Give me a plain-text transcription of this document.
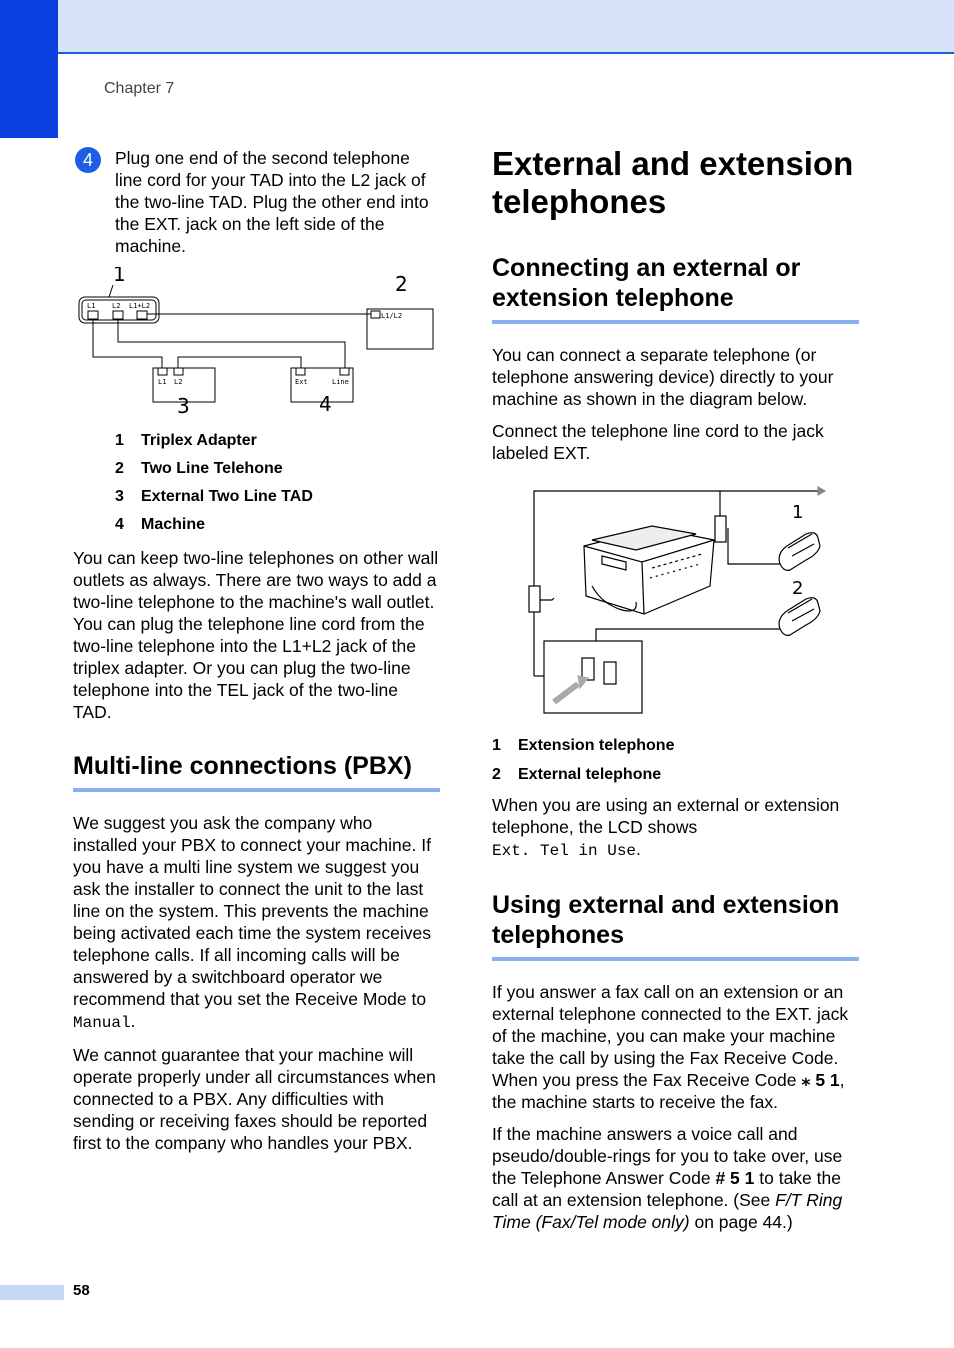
Chapter 7
4	Plug one end of the second telephone line cord for your TAD into the L2 jack of the two-line TAD. Plug the other end into the EXT. jack on the left side of the machine.

1	2
3	4
L1 L2 L1+L2
L1/L2
L1 L2	Ext	Line
1 Triplex Adapter
2 Two Line Telehone
3 External Two Line TAD
4 Machine

You can keep two-line telephones on other wall outlets as always. There are two ways to add a two-line telephone to the machine's wall outlet. You can plug the telephone line cord from the two-line telephone into the L1+L2 jack of the triplex adapter. Or you can plug the two-line telephone into the TEL jack of the two-line TAD.

Multi-line connections (PBX)

We suggest you ask the company who installed your PBX to connect your machine. If you have a multi line system we suggest you ask the installer to connect the unit to the last line on the system. This prevents the machine being activated each time the system receives telephone calls. If all incoming calls will be answered by a switchboard operator we recommend that you set the Receive Mode to Manual.

We cannot guarantee that your machine will operate properly under all circumstances when connected to a PBX. Any difficulties with sending or receiving faxes should be reported first to the company who handles your PBX.

External and extension telephones
Connecting an external or extension telephone

You can connect a separate telephone (or telephone answering device) directly to your machine as shown in the diagram below.

Connect the telephone line cord to the jack labeled EXT.

1
2
1 Extension telephone
2 External telephone

When you are using an external or extension telephone, the LCD shows
Ext. Tel in Use.

Using external and extension telephones

If you answer a fax call on an extension or an external telephone connected to the EXT. jack of the machine, you can make your machine take the call by using the Fax Receive Code. When you press the Fax Receive Code ⁎ 5 1, the machine starts to receive the fax.

If the machine answers a voice call and pseudo/double-rings for you to take over, use the Telephone Answer Code # 5 1 to take the call at an extension telephone. (See F/T Ring Time (Fax/Tel mode only) on page 44.)

58
